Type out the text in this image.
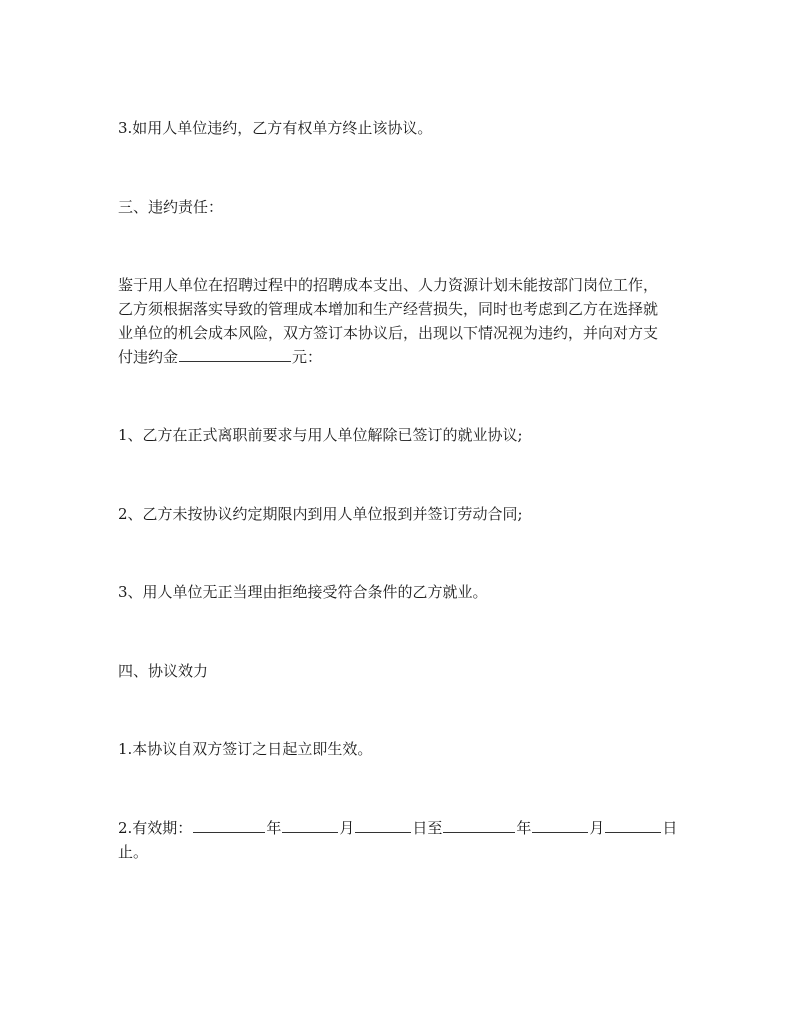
3.如用人单位违约，乙方有权单方终止该协议。
三、违约责任：
鉴于用人单位在招聘过程中的招聘成本支出、人力资源计划未能按部门岗位工作，
乙方须根据落实导致的管理成本增加和生产经营损失，同时也考虑到乙方在选择就
业单位的机会成本风险，双方签订本协议后，出现以下情况视为违约，并向对方支
付违约金	元：
1、乙方在正式离职前要求与用人单位解除已签订的就业协议;
2、乙方未按协议约定期限内到用人单位报到并签订劳动合同;
3、用人单位无正当理由拒绝接受符合条件的乙方就业。
四、协议效力
1.本协议自双方签订之日起立即生效。
2.有效期：	年	月	日至	年	月	日
止。
